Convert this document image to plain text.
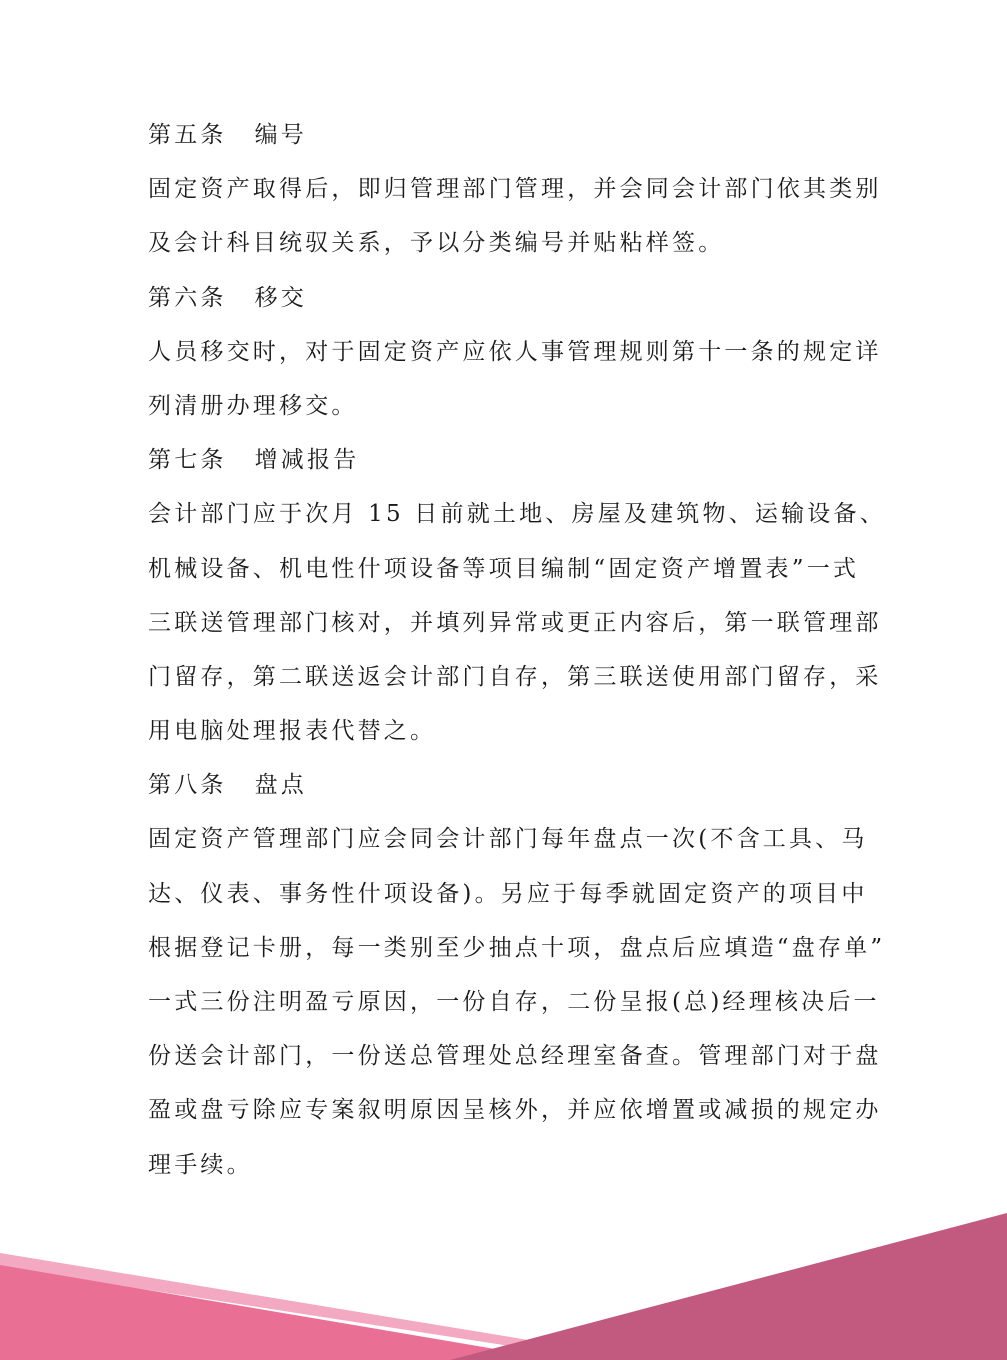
第五条 编号
固定资产取得后，即归管理部门管理，并会同会计部门依其类别
及会计科目统驭关系，予以分类编号并贴粘样签。
第六条 移交
人员移交时，对于固定资产应依人事管理规则第十一条的规定详
列清册办理移交。
第七条 增减报告
会计部门应于次月 15 日前就土地、房屋及建筑物、运输设备、
机械设备、机电性什项设备等项目编制“固定资产增置表”一式
三联送管理部门核对，并填列异常或更正内容后，第一联管理部
门留存，第二联送返会计部门自存，第三联送使用部门留存，采
用电脑处理报表代替之。
第八条 盘点
固定资产管理部门应会同会计部门每年盘点一次(不含工具、马
达、仪表、事务性什项设备)。另应于每季就固定资产的项目中
根据登记卡册，每一类别至少抽点十项，盘点后应填造“盘存单”
一式三份注明盈亏原因，一份自存，二份呈报(总)经理核决后一
份送会计部门，一份送总管理处总经理室备查。管理部门对于盘
盈或盘亏除应专案叙明原因呈核外，并应依增置或减损的规定办
理手续。
